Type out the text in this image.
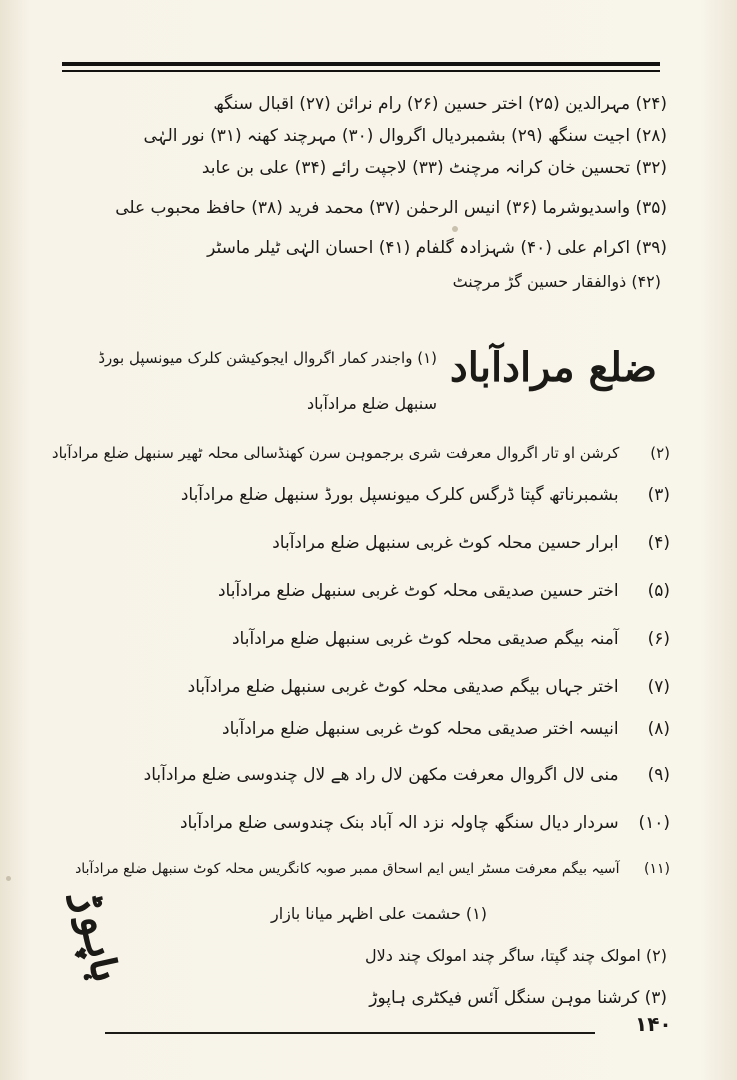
(۲۴) مہرالدین (۲۵) اختر حسین (۲۶) رام نرائن (۲۷) اقبال سنگھ
(۲۸) اجیت سنگھ (۲۹) بشمبردیال اگروال (۳۰) مہرچند کھنہ (۳۱) نور الہٰی
(۳۲) تحسین خان کرانہ مرچنٹ (۳۳) لاجپت رائے (۳۴) علی بن عابد
(۳۵) واسدیوشرما (۳۶) انیس الرحمٰن (۳۷) محمد فرید (۳۸) حافظ محبوب علی
(۳۹) اکرام علی (۴۰) شہزادہ گلفام (۴۱) احسان الہٰی ٹیلر ماسٹر
(۴۲) ذوالفقار حسین گڑ مرچنٹ
ضلع مرادآباد
(۱) واجندر کمار اگروال ایجوکیشن کلرک میونسپل بورڈ
سنبھل ضلع مرادآباد
(۲) کرشن او تار اگروال معرفت شری برجموہن سرن کھنڈسالی محلہ ٹھیر سنبھل ضلع مرادآباد
(۳) بشمبرناتھ گپتا ڈرگس کلرک میونسپل بورڈ سنبھل ضلع مرادآباد
(۴) ابرار حسین محلہ کوٹ غربی سنبھل ضلع مرادآباد
(۵) اختر حسین صدیقی محلہ کوٹ غربی سنبھل ضلع مرادآباد
(۶) آمنہ بیگم صدیقی محلہ کوٹ غربی سنبھل ضلع مرادآباد
(۷) اختر جہاں بیگم صدیقی محلہ کوٹ غربی سنبھل ضلع مرادآباد
(۸) انیسہ اختر صدیقی محلہ کوٹ غربی سنبھل ضلع مرادآباد
(۹) منی لال اگروال معرفت مکھن لال راد ھے لال چندوسی ضلع مرادآباد
(۱۰) سردار دیال سنگھ چاولہ نزد الہ آباد بنک چندوسی ضلع مرادآباد
(۱۱) آسیہ بیگم معرفت مسٹر ایس ایم اسحاق ممبر صوبہ کانگریس محلہ کوٹ سنبھل ضلع مرادآباد
ہاپوڑ	(۱) حشمت علی اظہر میانا بازار
(۲) امولک چند گپتا، ساگر چند امولک چند دلال
(۳) کرشنا موہن سنگل آئس فیکٹری ہاپوڑ
۱۴۰
